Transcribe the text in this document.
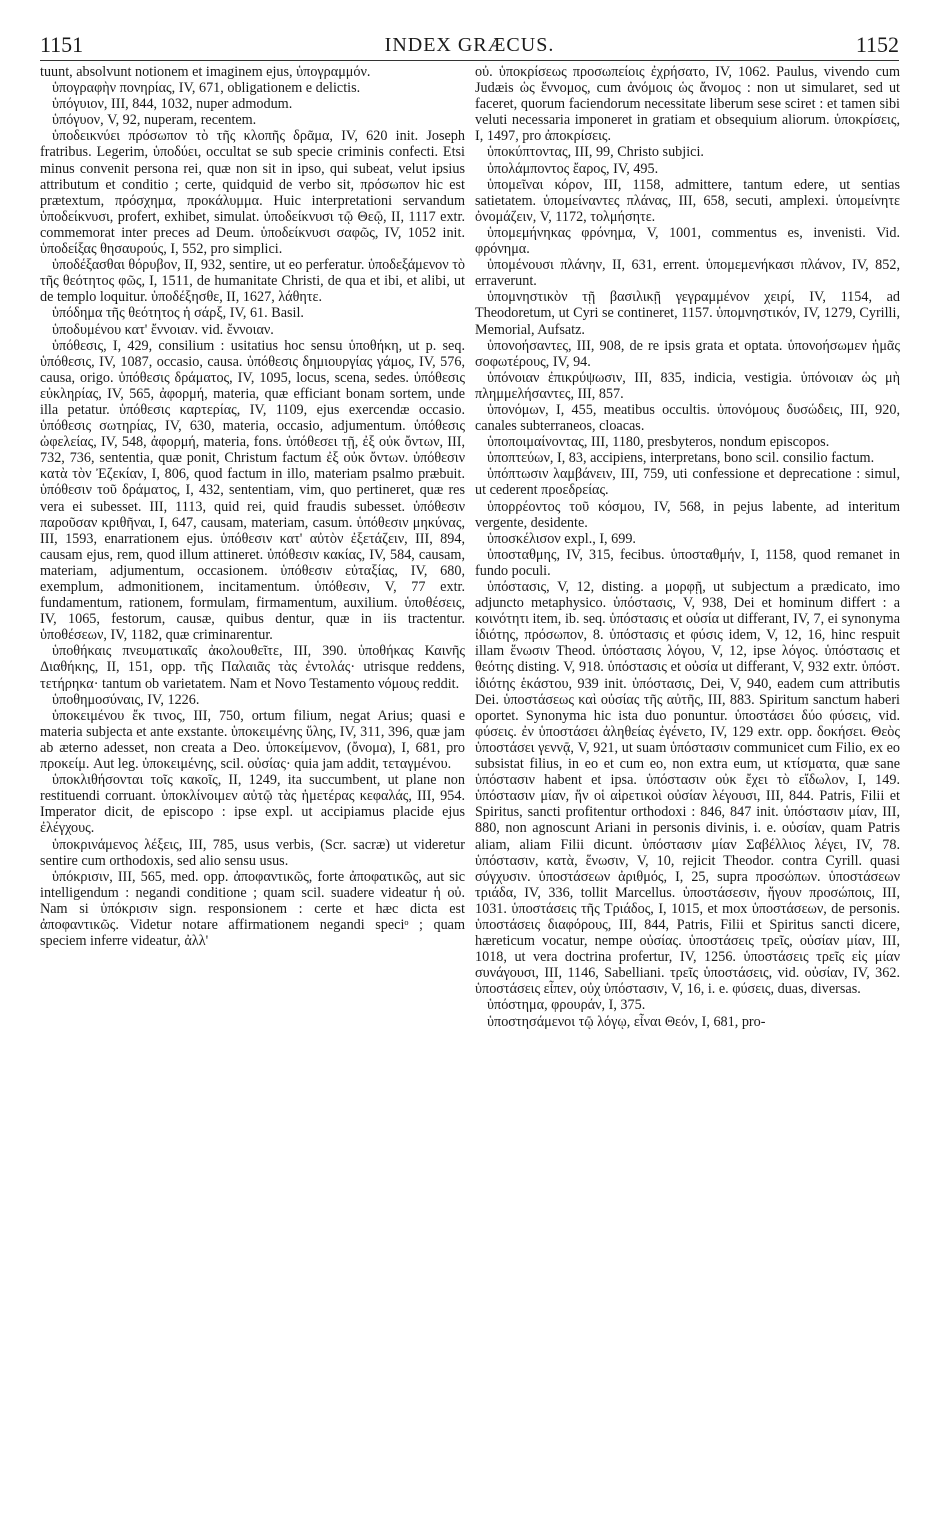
1151	INDEX GRÆCUS.	1152

tuunt, absolvunt notionem et imaginem ejus, ὑπογραμμόν.

ὑπογραφὴν πονηρίας, IV, 671, obligationem e delictis.

ὑπόγυιον, III, 844, 1032, nuper admodum.

ὑπόγυον, V, 92, nuperam, recentem.

ὑποδεικνύει πρόσωπον τὸ τῆς κλοπῆς δρᾶμα, IV, 620 init. Joseph fratribus. Legerim, ὑποδύει, occultat se sub specie criminis confecti. Etsi minus convenit persona rei, quæ non sit in ipso, qui subeat, velut ipsius attributum et conditio ; certe, quidquid de verbo sit, πρόσωπον hic est prætextum, πρόσχημα, προκάλυμμα. Huic interpretationi servandum ὑποδείκνυσι, profert, exhibet, simulat. ὑποδείκνυσι τῷ Θεῷ, II, 1117 extr. commemorat inter preces ad Deum. ὑποδείκνυσι σαφῶς, IV, 1052 init. ὑποδείξας θησαυρούς, I, 552, pro simplici.

ὑποδέξασθαι θόρυβον, II, 932, sentire, ut eo perferatur. ὑποδεξάμενον τὸ τῆς θεότητος φῶς, I, 1511, de humanitate Christi, de qua et ibi, et alibi, ut de templo loquitur. ὑποδέξησθε, II, 1627, λάθητε.

ὑπόδημα τῆς θεότητος ἡ σάρξ, IV, 61. Basil.

ὑποδυμένου κατ' ἔννοιαν. vid. ἔννοιαν.

ὑπόθεσις, I, 429, consilium : usitatius hoc sensu ὑποθήκη, ut p. seq. ὑπόθεσις, IV, 1087, occasio, causa. ὑπόθεσις δημιουργίας γάμος, IV, 576, causa, origo. ὑπόθεσις δράματος, IV, 1095, locus, scena, sedes. ὑπόθεσις εὐκληρίας, IV, 565, ἀφορμή, materia, quæ efficiant bonam sortem, unde illa petatur. ὑπόθεσις καρτερίας, IV, 1109, ejus exercendæ occasio. ὑπόθεσις σωτηρίας, IV, 630, materia, occasio, adjumentum. ὑπόθεσις ὠφελείας, IV, 548, ἀφορμή, materia, fons. ὑπόθεσει τῇ, ἐξ οὐκ ὄντων, III, 732, 736, sententia, quæ ponit, Christum factum ἐξ οὐκ ὄντων. ὑπόθεσιν κατὰ τὸν Ἐζεκίαν, I, 806, quod factum in illo, materiam psalmo præbuit. ὑπόθεσιν τοῦ δράματος, I, 432, sententiam, vim, quo pertineret, quæ res vera ei subesset. III, 1113, quid rei, quid fraudis subesset. ὑπόθεσιν παροῦσαν κριθῆναι, I, 647, causam, materiam, casum. ὑπόθεσιν μηκύνας, III, 1593, enarrationem ejus. ὑπόθεσιν κατ' αὐτὸν ἐξετάζειν, III, 894, causam ejus, rem, quod illum attineret. ὑπόθεσιν κακίας, IV, 584, causam, materiam, adjumentum, occasionem. ὑπόθεσιν εὐταξίας, IV, 680, exemplum, admonitionem, incitamentum. ὑπόθεσιν, V, 77 extr. fundamentum, rationem, formulam, firmamentum, auxilium. ὑποθέσεις, IV, 1065, festorum, causæ, quibus dentur, quæ in iis tractentur. ὑποθέσεων, IV, 1182, quæ criminarentur.

ὑποθήκαις πνευματικαῖς ἀκολουθεῖτε, III, 390. ὑποθήκας Καινῆς Διαθήκης, II, 151, opp. τῆς Παλαιᾶς τὰς ἐντολάς· utrisque reddens, τετήρηκα· tantum ob varietatem. Nam et Novo Testamento νόμους reddit.

ὑποθημοσύναις, IV, 1226.

ὑποκειμένου ἔκ τινος, III, 750, ortum filium, negat Arius; quasi e materia subjecta et ante exstante. ὑποκειμένης ὕλης, IV, 311, 396, quæ jam ab æterno adesset, non creata a Deo. ὑποκείμενον, (ὄνομα), I, 681, pro προκείμ. Aut leg. ὑποκειμένης, scil. οὐσίας· quia jam addit, τεταγμένου.

ὑποκλιθήσονται τοῖς κακοῖς, II, 1249, ita succumbent, ut plane non restituendi corruant. ὑποκλίνοιμεν αὐτῷ τὰς ἡμετέρας κεφαλάς, III, 954. Imperator dicit, de episcopo : ipse expl. ut accipiamus placide ejus ἐλέγχους.

ὑποκρινάμενος λέξεις, III, 785, usus verbis, (Scr. sacræ) ut videretur sentire cum orthodoxis, sed alio sensu usus.

ὑπόκρισιν, III, 565, med. opp. ἀποφαντικῶς, forte ἀποφατικῶς, aut sic intelligendum : negandi conditione ; quam scil. suadere videatur ἡ οὐ. Nam si ὑπόκρισιν sign. responsionem : certe et hæc dicta est ἀποφαντικῶς. Videtur notare affirmationem negandi speciᵒ ; quam speciem inferre videatur, ἀλλ'

οὐ. ὑποκρίσεως προσωπείοις ἐχρήσατο, IV, 1062. Paulus, vivendo cum Judæis ὡς ἔννομος, cum ἀνόμοις ὡς ἄνομος : non ut simularet, sed ut faceret, quorum faciendorum necessitate liberum sese sciret : et tamen sibi veluti necessaria imponeret in gratiam et obsequium aliorum. ὑποκρίσεις, I, 1497, pro ἀποκρίσεις.

ὑποκύπτοντας, III, 99, Christo subjici.

ὑπολάμποντος ἔαρος, IV, 495.

ὑπομεῖναι κόρον, III, 1158, admittere, tantum edere, ut sentias satietatem. ὑπομείναντες πλάνας, III, 658, secuti, amplexi. ὑπομείνητε ὀνομάζειν, V, 1172, τολμήσητε.

ὑπομεμήνηκας φρόνημα, V, 1001, commentus es, invenisti. Vid. φρόνημα.

ὑπομένουσι πλάνην, II, 631, errent. ὑπομεμενήκασι πλάνον, IV, 852, erraverunt.

ὑπομνηστικὸν τῇ βασιλικῇ γεγραμμένον χειρί, IV, 1154, ad Theodoretum, ut Cyri se contineret, 1157. ὑπομνηστικόν, IV, 1279, Cyrilli, Memorial, Aufsatz.

ὑπονοήσαντες, III, 908, de re ipsis grata et optata. ὑπονοήσωμεν ἡμᾶς σοφωτέρους, IV, 94.

ὑπόνοιαν ἐπικρύψωσιν, III, 835, indicia, vestigia. ὑπόνοιαν ὡς μὴ πλημμελήσαντες, III, 857.

ὑπονόμων, I, 455, meatibus occultis. ὑπονόμους δυσώδεις, III, 920, canales subterraneos, cloacas.

ὑποποιμαίνοντας, III, 1180, presbyteros, nondum episcopos.

ὑποπτεύων, I, 83, accipiens, interpretans, bono scil. consilio factum.

ὑπόπτωσιν λαμβάνειν, III, 759, uti confessione et deprecatione : simul, ut cederent προεδρείας.

ὑπορρέοντος τοῦ κόσμου, IV, 568, in pejus labente, ad interitum vergente, desidente.

ὑποσκέλισον expl., I, 699.

ὑποσταθμης, IV, 315, fecibus. ὑποσταθμήν, I, 1158, quod remanet in fundo poculi.

ὑπόστασις, V, 12, disting. a μορφῇ, ut subjectum a prædicato, imo adjuncto metaphysico. ὑπόστασις, V, 938, Dei et hominum differt : a κοινότητι item, ib. seq. ὑπόστασις et οὐσία ut differant, IV, 7, ei synonyma ἰδιότης, πρόσωπον, 8. ὑπόστασις et φύσις idem, V, 12, 16, hinc respuit illam ἕνωσιν Theod. ὑπόστασις λόγου, V, 12, ipse λόγος. ὑπόστασις et θεότης disting. V, 918. ὑπόστασις et οὐσία ut differant, V, 932 extr. ὑπόστ. ἰδιότης ἑκάστου, 939 init. ὑπόστασις, Dei, V, 940, eadem cum attributis Dei. ὑποστάσεως καὶ οὐσίας τῆς αὐτῆς, III, 883. Spiritum sanctum haberi oportet. Synonyma hic ista duo ponuntur. ὑποστάσει δύο φύσεις, vid. φύσεις. ἐν ὑποστάσει ἀληθείας ἐγένετο, IV, 129 extr. opp. δοκήσει. Θεὸς ὑποστάσει γεννᾷ, V, 921, ut suam ὑπόστασιν communicet cum Filio, ex eo subsistat filius, in eo et cum eo, non extra eum, ut κτίσματα, quæ sane ὑπόστασιν habent et ipsa. ὑπόστασιν οὐκ ἔχει τὸ εἴδωλον, I, 149. ὑπόστασιν μίαν, ἥν οἱ αἱρετικοὶ οὐσίαν λέγουσι, III, 844. Patris, Filii et Spiritus, sancti profitentur orthodoxi : 846, 847 init. ὑπόστασιν μίαν, III, 880, non agnoscunt Ariani in personis divinis, i. e. οὐσίαν, quam Patris aliam, aliam Filii dicunt. ὑπόστασιν μίαν Σαβέλλιος λέγει, IV, 78. ὑπόστασιν, κατὰ, ἕνωσιν, V, 10, rejicit Theodor. contra Cyrill. quasi σύγχυσιν. ὑποστάσεων ἀριθμός, I, 25, supra προσώπων. ὑποστάσεων τριάδα, IV, 336, tollit Marcellus. ὑποστάσεσιν, ἤγουν προσώποις, III, 1031. ὑποστάσεις τῆς Τριάδος, I, 1015, et mox ὑποστάσεων, de personis. ὑποστάσεις διαφόρους, III, 844, Patris, Filii et Spiritus sancti dicere, hæreticum vocatur, nempe οὐσίας. ὑποστάσεις τρεῖς, οὐσίαν μίαν, III, 1018, ut vera doctrina profertur, IV, 1256. ὑποστάσεις τρεῖς εἰς μίαν συνάγουσι, III, 1146, Sabelliani. τρεῖς ὑποστάσεις, vid. οὐσίαν, IV, 362. ὑποστάσεις εἶπεν, οὐχ ὑπόστασιν, V, 16, i. e. φύσεις, duas, diversas.

ὑπόστημα, φρουράν, I, 375.

ὑποστησάμενοι τῷ λόγῳ, εἶναι Θεόν, I, 681, pro-
